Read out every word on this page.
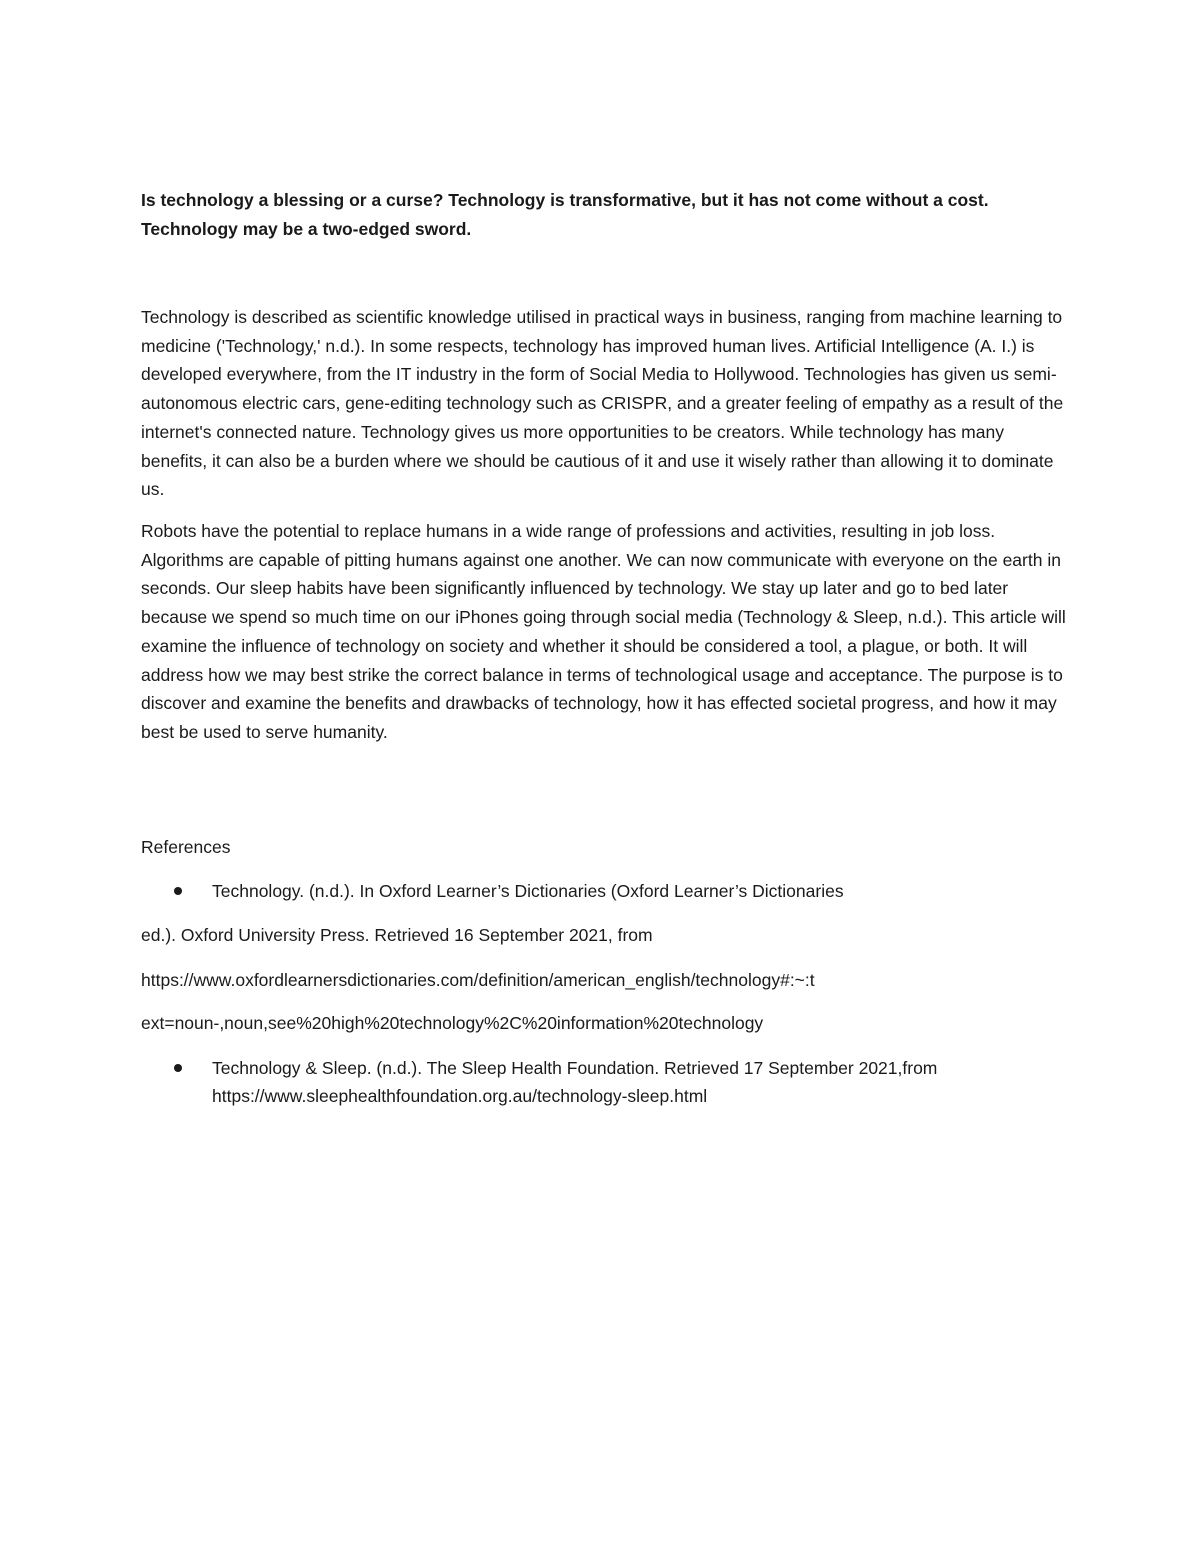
Is technology a blessing or a curse? Technology is transformative, but it has not come without a cost.

Technology may be a two-edged sword.

Technology is described as scientific knowledge utilised in practical ways in business, ranging from machine learning to medicine ('Technology,' n.d.). In some respects, technology has improved human lives. Artificial Intelligence (A. I.) is developed everywhere, from the IT industry in the form of Social Media to Hollywood. Technologies has given us semi-autonomous electric cars, gene-editing technology such as CRISPR, and a greater feeling of empathy as a result of the internet's connected nature. Technology gives us more opportunities to be creators. While technology has many benefits, it can also be a burden where we should be cautious of it and use it wisely rather than allowing it to dominate us.

Robots have the potential to replace humans in a wide range of professions and activities, resulting in job loss. Algorithms are capable of pitting humans against one another. We can now communicate with everyone on the earth in seconds. Our sleep habits have been significantly influenced by technology. We stay up later and go to bed later because we spend so much time on our iPhones going through social media (Technology & Sleep, n.d.). This article will examine the influence of technology on society and whether it should be considered a tool, a plague, or both. It will address how we may best strike the correct balance in terms of technological usage and acceptance. The purpose is to discover and examine the benefits and drawbacks of technology, how it has effected societal progress, and how it may best be used to serve humanity.

References

Technology. (n.d.). In Oxford Learner’s Dictionaries (Oxford Learner’s Dictionaries

ed.). Oxford University Press. Retrieved 16 September 2021, from

https://www.oxfordlearnersdictionaries.com/definition/american_english/technology#:~:t

ext=noun-,noun,see%20high%20technology%2C%20information%20technology

Technology & Sleep. (n.d.). The Sleep Health Foundation. Retrieved 17 September 2021,from https://www.sleephealthfoundation.org.au/technology-sleep.html
